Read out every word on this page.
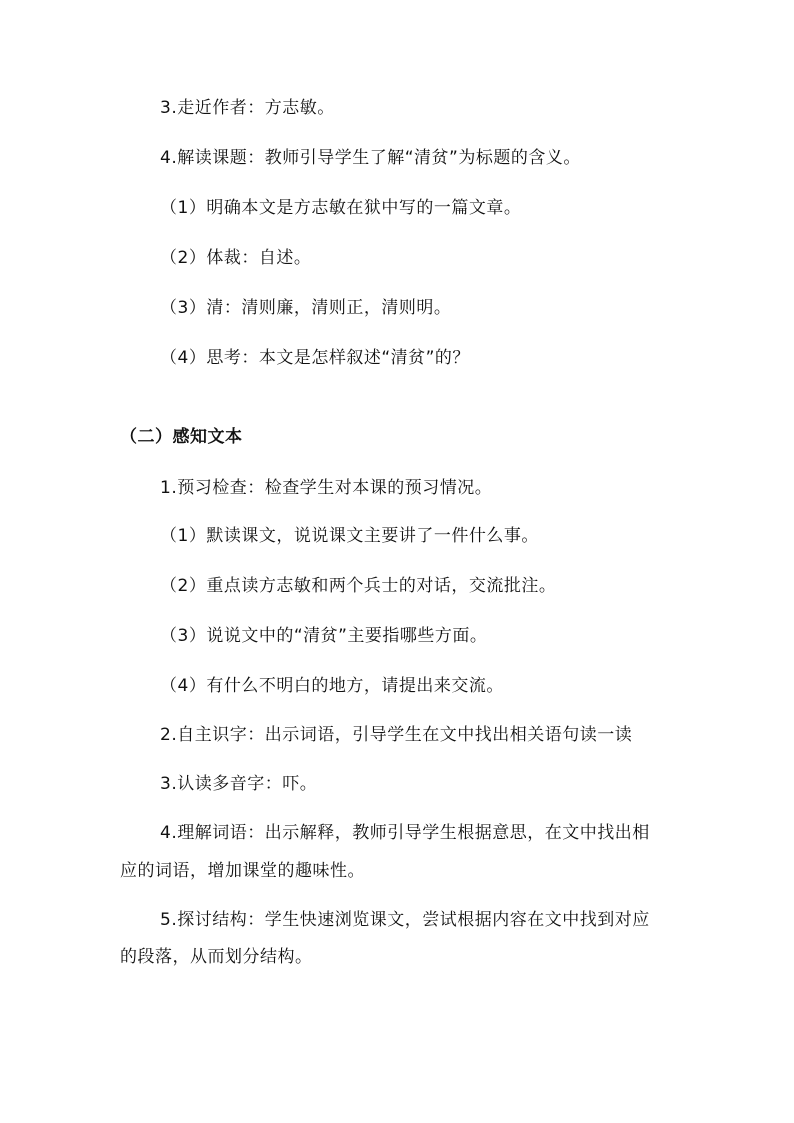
3.走近作者：方志敏。
4.解读课题：教师引导学生了解“清贫”为标题的含义。
（1）明确本文是方志敏在狱中写的一篇文章。
（2）体裁：自述。
（3）清：清则廉，清则正，清则明。
（4）思考：本文是怎样叙述“清贫”的？
（二）感知文本
1.预习检查：检查学生对本课的预习情况。
（1）默读课文，说说课文主要讲了一件什么事。
（2）重点读方志敏和两个兵士的对话，交流批注。
（3）说说文中的“清贫”主要指哪些方面。
（4）有什么不明白的地方，请提出来交流。
2.自主识字：出示词语，引导学生在文中找出相关语句读一读
3.认读多音字：吓。
4.理解词语：出示解释，教师引导学生根据意思，在文中找出相
应的词语，增加课堂的趣味性。
5.探讨结构：学生快速浏览课文，尝试根据内容在文中找到对应
的段落，从而划分结构。
